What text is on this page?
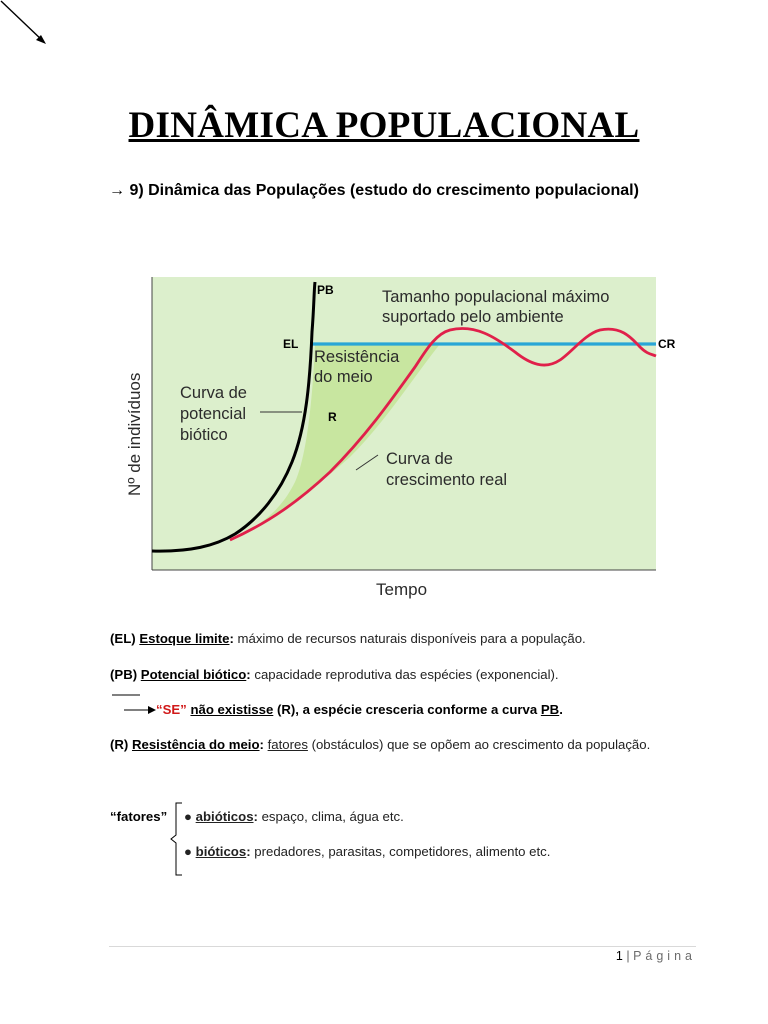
DINÂMICA POPULACIONAL

→ 9) Dinâmica das Populações (estudo do crescimento populacional)

PB
EL	CR
R
Tamanho populacional máximo
suportado pelo ambiente
Resistência
do meio
Curva de
potencial
biótico
Curva de
crescimento real
Nº de indivíduos
Tempo

(EL) Estoque limite: máximo de recursos naturais disponíveis para a população.

(PB) Potencial biótico: capacidade reprodutiva das espécies (exponencial).

“SE” não existisse (R), a espécie cresceria conforme a curva PB.

(R) Resistência do meio: fatores (obstáculos) que se opõem ao crescimento da população.

“fatores” ● abióticos: espaço, clima, água etc.
● bióticos: predadores, parasitas, competidores, alimento etc.
1 | Página
